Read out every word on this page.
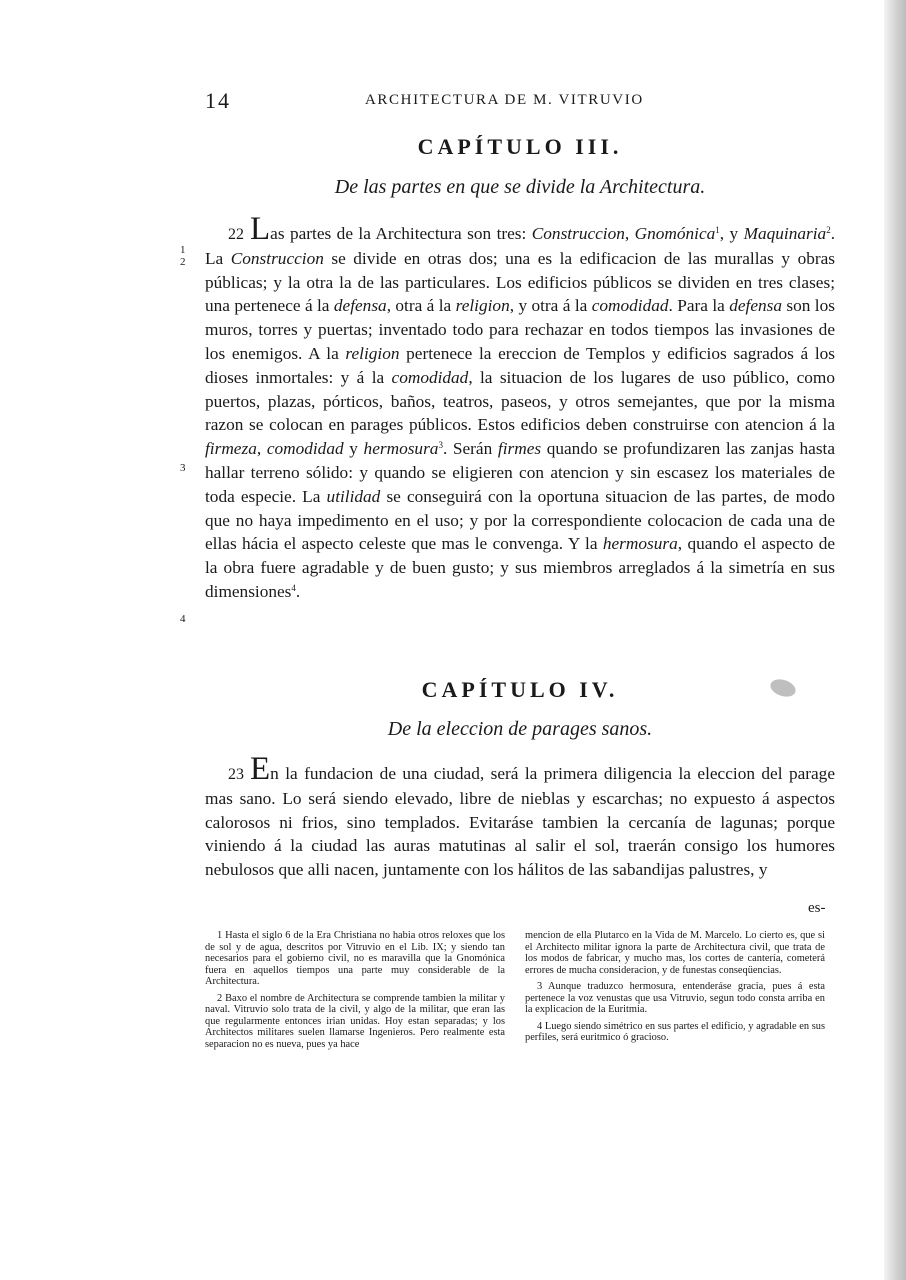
14	ARCHITECTURA DE M. VITRUVIO
CAPÍTULO III.
De las partes en que se divide la Architectura.
1
2
3
4

22 Las partes de la Architectura son tres: Construccion, Gnomónica$^1$, y Maquinaria$^2$. La Construccion se divide en otras dos; una es la edificacion de las murallas y obras públicas; y la otra la de las particulares. Los edificios públicos se dividen en tres clases; una pertenece á la defensa, otra á la religion, y otra á la comodidad. Para la defensa son los muros, torres y puertas; inventado todo para rechazar en todos tiempos las invasiones de los enemigos. A la religion pertenece la ereccion de Templos y edificios sagrados á los dioses inmortales: y á la comodidad, la situacion de los lugares de uso público, como puertos, plazas, pórticos, baños, teatros, paseos, y otros semejantes, que por la misma razon se colocan en parages públicos. Estos edificios deben construirse con atencion á la firmeza, comodidad y hermosura$^3$. Serán firmes quando se profundizaren las zanjas hasta hallar terreno sólido: y quando se eligieren con atencion y sin escasez los materiales de toda especie. La utilidad se conseguirá con la oportuna situacion de las partes, de modo que no haya impedimento en el uso; y por la correspondiente colocacion de cada una de ellas hácia el aspecto celeste que mas le convenga. Y la hermosura, quando el aspecto de la obra fuere agradable y de buen gusto; y sus miembros arreglados á la simetría en sus dimensiones$^4$.

CAPÍTULO IV.
De la eleccion de parages sanos.

23 En la fundacion de una ciudad, será la primera diligencia la eleccion del parage mas sano. Lo será siendo elevado, libre de nieblas y escarchas; no expuesto á aspectos calorosos ni frios, sino templados. Evitaráse tambien la cercanía de lagunas; porque viniendo á la ciudad las auras matutinas al salir el sol, traerán consigo los humores nebulosos que alli nacen, juntamente con los hálitos de las sabandijas palustres, y

es-

1 Hasta el siglo 6 de la Era Christiana no habia otros reloxes que los de sol y de agua, descritos por Vitruvio en el Lib. IX; y siendo tan necesarios para el gobierno civil, no es maravilla que la Gnomónica fuera en aquellos tiempos una parte muy considerable de la Architectura.

2 Baxo el nombre de Architectura se comprende tambien la militar y naval. Vitruvio solo trata de la civil, y algo de la militar, que eran las que regularmente entonces irian unidas. Hoy estan separadas; y los Architectos militares suelen llamarse Ingenieros. Pero realmente esta separacion no es nueva, pues ya hace

mencion de ella Plutarco en la Vida de M. Marcelo. Lo cierto es, que si el Architecto militar ignora la parte de Architectura civil, que trata de los modos de fabricar, y mucho mas, los cortes de cantería, cometerá errores de mucha consideracion, y de funestas conseqüencias.

3 Aunque traduzco hermosura, entenderáse gracia, pues á esta pertenece la voz venustas que usa Vitruvio, segun todo consta arriba en la explicacion de la Euritmia.

4 Luego siendo simétrico en sus partes el edificio, y agradable en sus perfiles, será euritmico ó gracioso.
